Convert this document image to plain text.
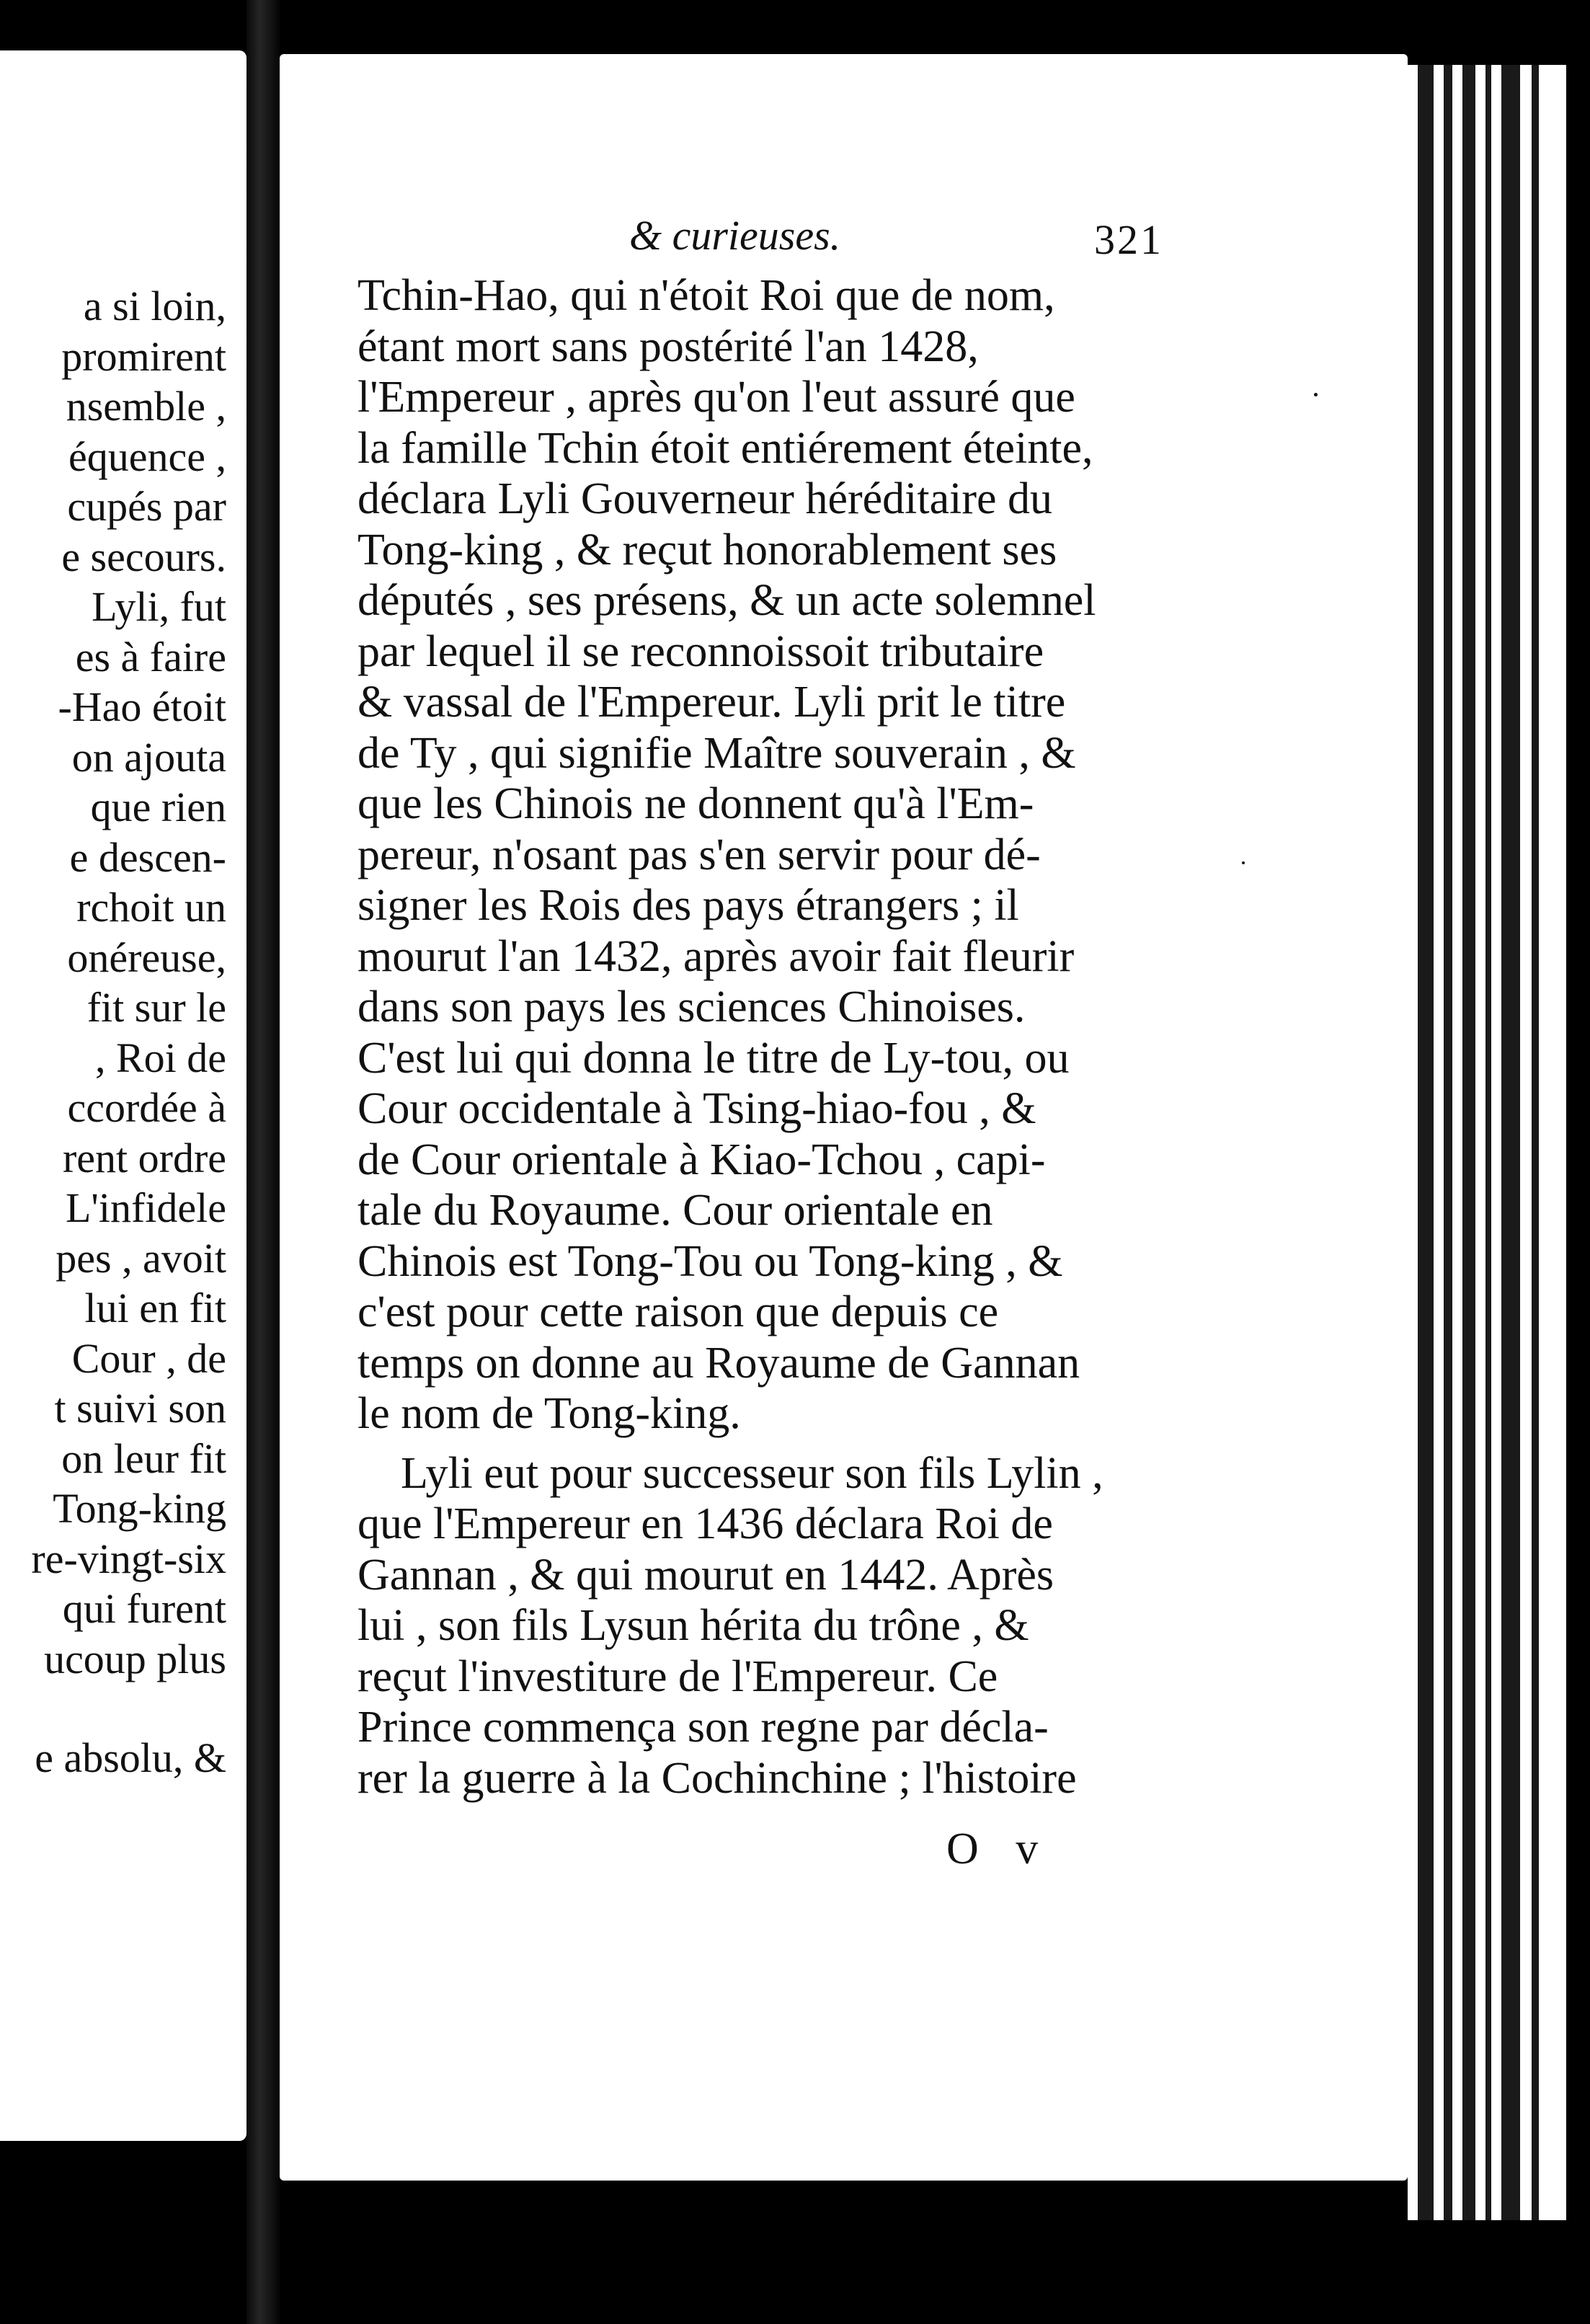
a si loin,
promirent
nsemble ,
équence ,
cupés par
e secours.
Lyli, fut
es à faire
-Hao étoit
on ajouta
que rien
e descen-
rchoit un
onéreuse,
fit sur le
, Roi de
ccordée à
rent ordre
L'infidele
pes , avoit
lui en fit
Cour , de
t suivi son
on leur fit
Tong-king
re-vingt-six
qui furent
ucoup plus
e absolu, &
& curieuses.	321
Tchin-Hao, qui n'étoit Roi que de nom,
étant mort sans postérité l'an 1428,
l'Empereur , après qu'on l'eut assuré que
la famille Tchin étoit entiérement éteinte,
déclara Lyli Gouverneur héréditaire du
Tong-king , & reçut honorablement ses
députés , ses présens, & un acte solemnel
par lequel il se reconnoissoit tributaire
& vassal de l'Empereur. Lyli prit le titre
de Ty , qui signifie Maître souverain , &
que les Chinois ne donnent qu'à l'Em-
pereur, n'osant pas s'en servir pour dé-
signer les Rois des pays étrangers ; il
mourut l'an 1432, après avoir fait fleurir
dans son pays les sciences Chinoises.
C'est lui qui donna le titre de Ly-tou, ou
Cour occidentale à Tsing-hiao-fou , &
de Cour orientale à Kiao-Tchou , capi-
tale du Royaume. Cour orientale en
Chinois est Tong-Tou ou Tong-king , &
c'est pour cette raison que depuis ce
temps on donne au Royaume de Gannan
le nom de Tong-king.
Lyli eut pour successeur son fils Lylin ,
que l'Empereur en 1436 déclara Roi de
Gannan , & qui mourut en 1442. Après
lui , son fils Lysun hérita du trône , &
reçut l'investiture de l'Empereur. Ce
Prince commença son regne par décla-
rer la guerre à la Cochinchine ; l'histoire
O v
